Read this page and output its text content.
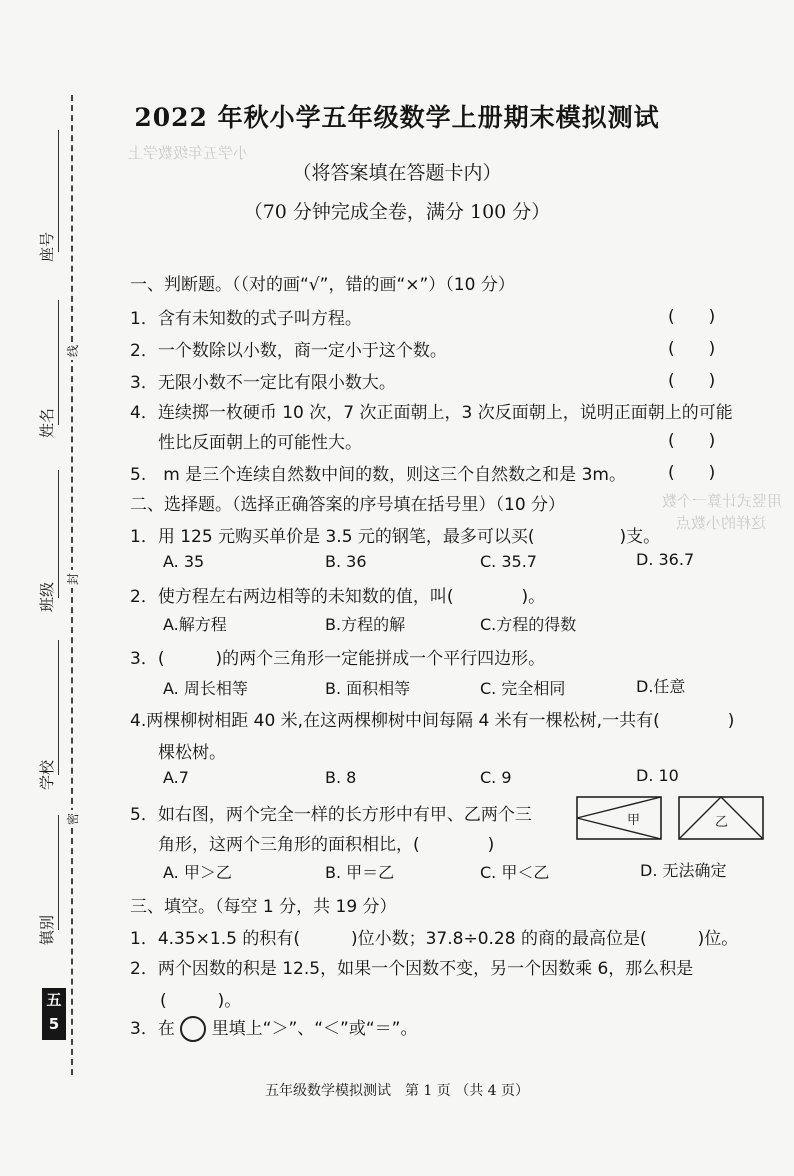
线
封
密
座号
姓名
班级
学校
镇别
五
5
小学五年级数学上
用竖式计算一个数
这样的小数点
2022 年秋小学五年级数学上册期末模拟测试
（将答案填在答题卡内）
（70 分钟完成全卷，满分 100 分）
一、判断题。（（对的画“√”，错的画“×”）（10 分）
1．含有未知数的式子叫方程。	(　　)
2．一个数除以小数，商一定小于这个数。	(　　)
3．无限小数不一定比有限小数大。	(　　)
4．连续掷一枚硬币 10 次，7 次正面朝上，3 次反面朝上，说明正面朝上的可能
性比反面朝上的可能性大。	(　　)
5.　m 是三个连续自然数中间的数，则这三个自然数之和是 3m。 (　　)
二、选择题。（选择正确答案的序号填在括号里）（10 分）
1．用 125 元购买单价是 3.5 元的钢笔，最多可以买(　　　　　)支。
A. 35	B. 36	C. 35.7	D. 36.7
2．使方程左右两边相等的未知数的值，叫(　　　　)。
A.解方程	B.方程的解	C.方程的得数
3．(　　　)的两个三角形一定能拼成一个平行四边形。
A. 周长相等	B. 面积相等	C. 完全相同	D.任意
4.两棵柳树相距 40 米,在这两棵柳树中间每隔 4 米有一棵松树,一共有(　　　　)
棵松树。
A.7	B. 8	C. 9	D. 10
5．如右图，两个完全一样的长方形中有甲、乙两个三
角形，这两个三角形的面积相比，(　　　　)
甲	乙
A. 甲＞乙	B. 甲＝乙	C. 甲＜乙	D. 无法确定
三、填空。（每空 1 分，共 19 分）
1．4.35×1.5 的积有(　　　)位小数；37.8÷0.28 的商的最高位是(　　　)位。
2．两个因数的积是 12.5，如果一个因数不变，另一个因数乘 6，那么积是
(　　　)。
3．在 里填上“＞”、“＜”或“＝”。
五年级数学模拟测试　第 1 页 （共 4 页）
